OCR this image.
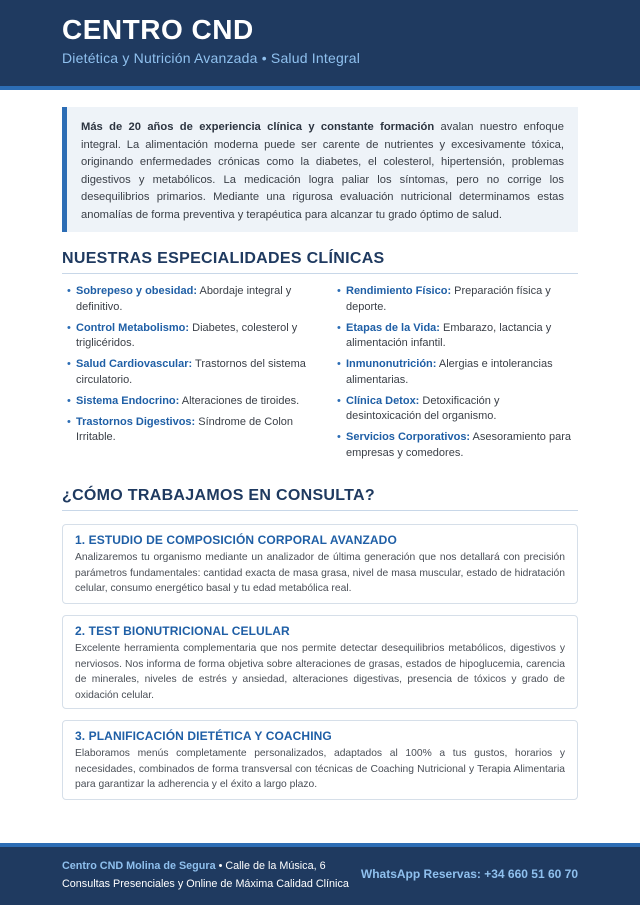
CENTRO CND
Dietética y Nutrición Avanzada • Salud Integral
Más de 20 años de experiencia clínica y constante formación avalan nuestro enfoque integral. La alimentación moderna puede ser carente de nutrientes y excesivamente tóxica, originando enfermedades crónicas como la diabetes, el colesterol, hipertensión, problemas digestivos y metabólicos. La medicación logra paliar los síntomas, pero no corrige los desequilibrios primarios. Mediante una rigurosa evaluación nutricional determinamos estas anomalías de forma preventiva y terapéutica para alcanzar tu grado óptimo de salud.
NUESTRAS ESPECIALIDADES CLÍNICAS
• Sobrepeso y obesidad: Abordaje integral y definitivo.
• Control Metabolismo: Diabetes, colesterol y triglicéridos.
• Salud Cardiovascular: Trastornos del sistema circulatorio.
• Sistema Endocrino: Alteraciones de tiroides.
• Trastornos Digestivos: Síndrome de Colon Irritable.
• Rendimiento Físico: Preparación física y deporte.
• Etapas de la Vida: Embarazo, lactancia y alimentación infantil.
• Inmunonutrición: Alergias e intolerancias alimentarias.
• Clínica Detox: Detoxificación y desintoxicación del organismo.
• Servicios Corporativos: Asesoramiento para empresas y comedores.
¿CÓMO TRABAJAMOS EN CONSULTA?
1. ESTUDIO DE COMPOSICIÓN CORPORAL AVANZADO
Analizaremos tu organismo mediante un analizador de última generación que nos detallará con precisión parámetros fundamentales: cantidad exacta de masa grasa, nivel de masa muscular, estado de hidratación celular, consumo energético basal y tu edad metabólica real.
2. TEST BIONUTRICIONAL CELULAR
Excelente herramienta complementaria que nos permite detectar desequilibrios metabólicos, digestivos y nerviosos. Nos informa de forma objetiva sobre alteraciones de grasas, estados de hipoglucemia, carencia de minerales, niveles de estrés y ansiedad, alteraciones digestivas, presencia de tóxicos y grado de oxidación celular.
3. PLANIFICACIÓN DIETÉTICA Y COACHING
Elaboramos menús completamente personalizados, adaptados al 100% a tus gustos, horarios y necesidades, combinados de forma transversal con técnicas de Coaching Nutricional y Terapia Alimentaria para garantizar la adherencia y el éxito a largo plazo.
Centro CND Molina de Segura • Calle de la Música, 6
Consultas Presenciales y Online de Máxima Calidad Clínica
WhatsApp Reservas: +34 660 51 60 70
